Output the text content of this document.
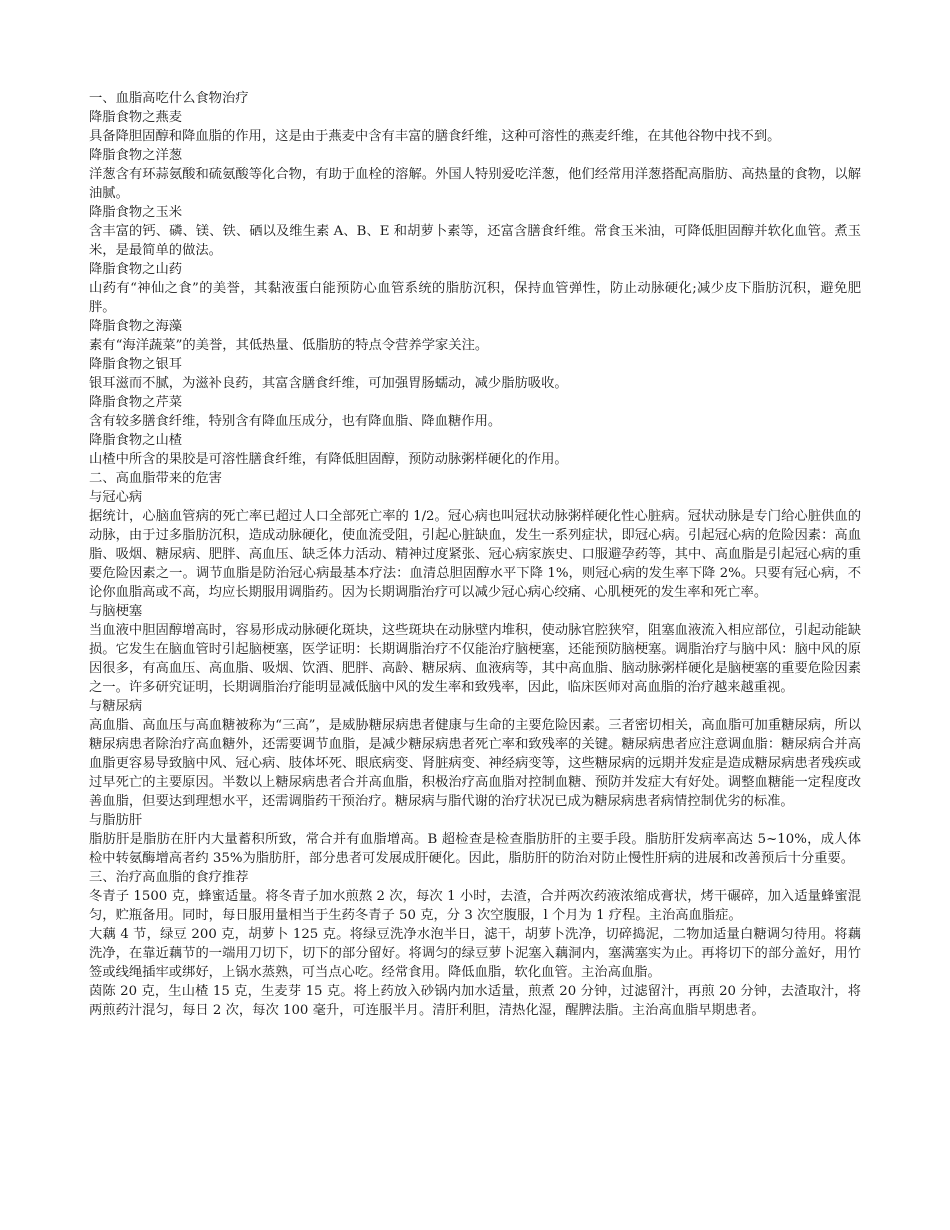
一、血脂高吃什么食物治疗

降脂食物之燕麦

具备降胆固醇和降血脂的作用，这是由于燕麦中含有丰富的膳食纤维，这种可溶性的燕麦纤维，在其他谷物中找不到。

降脂食物之洋葱

洋葱含有环蒜氨酸和硫氨酸等化合物，有助于血栓的溶解。外国人特别爱吃洋葱，他们经常用洋葱搭配高脂肪、高热量的食物，以解油腻。

降脂食物之玉米

含丰富的钙、磷、镁、铁、硒以及维生素 A、B、E 和胡萝卜素等，还富含膳食纤维。常食玉米油，可降低胆固醇并软化血管。煮玉米，是最简单的做法。

降脂食物之山药

山药有“神仙之食”的美誉，其黏液蛋白能预防心血管系统的脂肪沉积，保持血管弹性，防止动脉硬化;减少皮下脂肪沉积，避免肥胖。

降脂食物之海藻

素有“海洋蔬菜”的美誉，其低热量、低脂肪的特点令营养学家关注。

降脂食物之银耳

银耳滋而不腻，为滋补良药，其富含膳食纤维，可加强胃肠蠕动，减少脂肪吸收。

降脂食物之芹菜

含有较多膳食纤维，特别含有降血压成分，也有降血脂、降血糖作用。

降脂食物之山楂

山楂中所含的果胶是可溶性膳食纤维，有降低胆固醇，预防动脉粥样硬化的作用。

二、高血脂带来的危害

与冠心病

据统计，心脑血管病的死亡率已超过人口全部死亡率的 1/2。冠心病也叫冠状动脉粥样硬化性心脏病。冠状动脉是专门给心脏供血的动脉，由于过多脂肪沉积，造成动脉硬化，使血流受阻，引起心脏缺血，发生一系列症状，即冠心病。引起冠心病的危险因素：高血脂、吸烟、糖尿病、肥胖、高血压、缺乏体力活动、精神过度紧张、冠心病家族史、口服避孕药等，其中、高血脂是引起冠心病的重要危险因素之一。调节血脂是防治冠心病最基本疗法：血清总胆固醇水平下降 1%，则冠心病的发生率下降 2%。只要有冠心病，不论你血脂高或不高，均应长期服用调脂药。因为长期调脂治疗可以减少冠心病心绞痛、心肌梗死的发生率和死亡率。

与脑梗塞

当血液中胆固醇增高时，容易形成动脉硬化斑块，这些斑块在动脉壁内堆积，使动脉官腔狭窄，阻塞血液流入相应部位，引起动能缺损。它发生在脑血管时引起脑梗塞，医学证明：长期调脂治疗不仅能治疗脑梗塞，还能预防脑梗塞。调脂治疗与脑中风：脑中风的原因很多，有高血压、高血脂、吸烟、饮酒、肥胖、高龄、糖尿病、血液病等，其中高血脂、脑动脉粥样硬化是脑梗塞的重要危险因素之一。许多研究证明，长期调脂治疗能明显减低脑中风的发生率和致残率，因此，临床医师对高血脂的治疗越来越重视。

与糖尿病

高血脂、高血压与高血糖被称为“三高”，是威胁糖尿病患者健康与生命的主要危险因素。三者密切相关，高血脂可加重糖尿病，所以糖尿病患者除治疗高血糖外，还需要调节血脂，是减少糖尿病患者死亡率和致残率的关键。糖尿病患者应注意调血脂：糖尿病合并高血脂更容易导致脑中风、冠心病、肢体坏死、眼底病变、肾脏病变、神经病变等，这些糖尿病的远期并发症是造成糖尿病患者残疾或过早死亡的主要原因。半数以上糖尿病患者合并高血脂，积极治疗高血脂对控制血糖、预防并发症大有好处。调整血糖能一定程度改善血脂，但要达到理想水平，还需调脂药干预治疗。糖尿病与脂代谢的治疗状况已成为糖尿病患者病情控制优劣的标准。

与脂肪肝

脂肪肝是脂肪在肝内大量蓄积所致，常合并有血脂增高。B 超检查是检查脂肪肝的主要手段。脂肪肝发病率高达 5~10%，成人体检中转氨酶增高者约 35%为脂肪肝，部分患者可发展成肝硬化。因此，脂肪肝的防治对防止慢性肝病的进展和改善预后十分重要。

三、治疗高血脂的食疗推荐

冬青子 1500 克，蜂蜜适量。将冬青子加水煎熬 2 次，每次 1 小时，去渣，合并两次药液浓缩成膏状，烤干碾碎，加入适量蜂蜜混匀，贮瓶备用。同时，每日服用量相当于生药冬青子 50 克，分 3 次空腹服，l 个月为 1 疗程。主治高血脂症。

大藕 4 节，绿豆 200 克，胡萝卜 125 克。将绿豆洗净水泡半日，滤干，胡萝卜洗净，切碎捣泥，二物加适量白糖调匀待用。将藕洗净，在靠近藕节的一端用刀切下，切下的部分留好。将调匀的绿豆萝卜泥塞入藕洞内，塞满塞实为止。再将切下的部分盖好，用竹签或线绳插牢或绑好，上锅水蒸熟，可当点心吃。经常食用。降低血脂，软化血管。主治高血脂。

茵陈 20 克，生山楂 15 克，生麦芽 15 克。将上药放入砂锅内加水适量，煎煮 20 分钟，过滤留汁，再煎 20 分钟，去渣取汁，将两煎药汁混匀，每日 2 次，每次 100 毫升，可连服半月。清肝利胆，清热化湿，醒脾法脂。主治高血脂早期患者。
